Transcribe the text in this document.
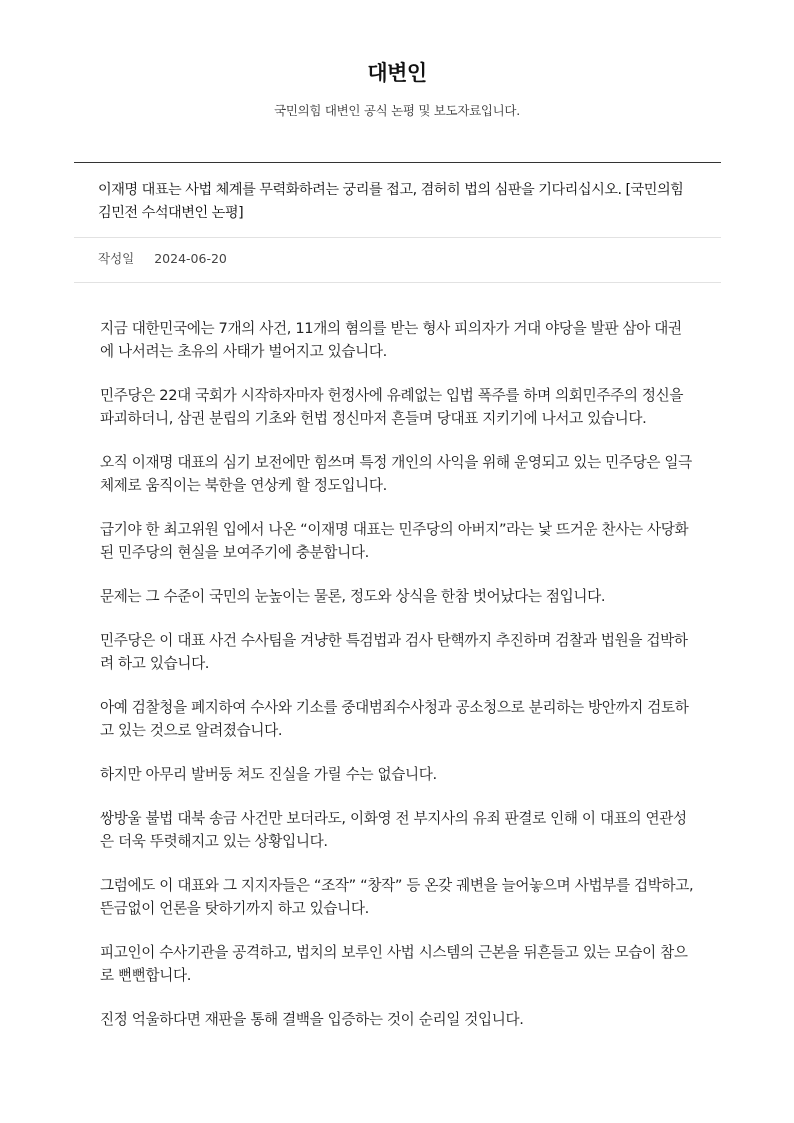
대변인
국민의힘 대변인 공식 논평 및 보도자료입니다.
이재명 대표는 사법 체계를 무력화하려는 궁리를 접고, 겸허히 법의 심판을 기다리십시오. [국민의힘 김민전 수석대변인 논평]
작성일 2024-06-20

지금 대한민국에는 7개의 사건, 11개의 혐의를 받는 형사 피의자가 거대 야당을 발판 삼아 대권에 나서려는 초유의 사태가 벌어지고 있습니다.

민주당은 22대 국회가 시작하자마자 헌정사에 유례없는 입법 폭주를 하며 의회민주주의 정신을 파괴하더니, 삼권 분립의 기초와 헌법 정신마저 흔들며 당대표 지키기에 나서고 있습니다.

오직 이재명 대표의 심기 보전에만 힘쓰며 특정 개인의 사익을 위해 운영되고 있는 민주당은 일극체제로 움직이는 북한을 연상케 할 정도입니다.

급기야 한 최고위원 입에서 나온 “이재명 대표는 민주당의 아버지”라는 낯 뜨거운 찬사는 사당화된 민주당의 현실을 보여주기에 충분합니다.

문제는 그 수준이 국민의 눈높이는 물론, 정도와 상식을 한참 벗어났다는 점입니다.

민주당은 이 대표 사건 수사팀을 겨냥한 특검법과 검사 탄핵까지 추진하며 검찰과 법원을 겁박하려 하고 있습니다.

아예 검찰청을 폐지하여 수사와 기소를 중대범죄수사청과 공소청으로 분리하는 방안까지 검토하고 있는 것으로 알려졌습니다.

하지만 아무리 발버둥 쳐도 진실을 가릴 수는 없습니다.

쌍방울 불법 대북 송금 사건만 보더라도, 이화영 전 부지사의 유죄 판결로 인해 이 대표의 연관성은 더욱 뚜렷해지고 있는 상황입니다.

그럼에도 이 대표와 그 지지자들은 “조작” “창작” 등 온갖 궤변을 늘어놓으며 사법부를 겁박하고, 뜬금없이 언론을 탓하기까지 하고 있습니다.

피고인이 수사기관을 공격하고, 법치의 보루인 사법 시스템의 근본을 뒤흔들고 있는 모습이 참으로 뻔뻔합니다.

진정 억울하다면 재판을 통해 결백을 입증하는 것이 순리일 것입니다.
